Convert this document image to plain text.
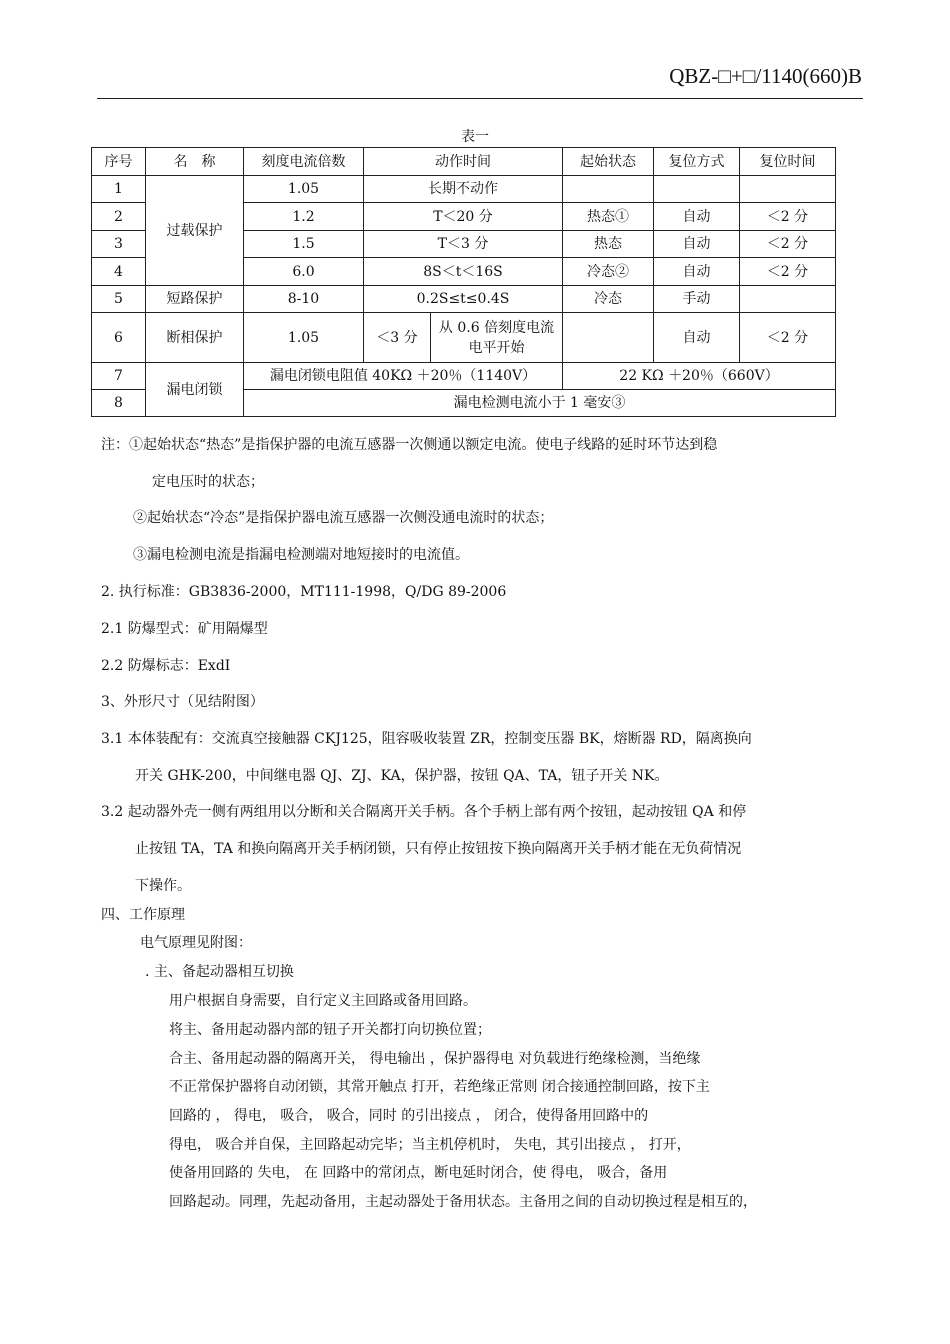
QBZ-□+□/1140(660)B
表一
序号	名　称	刻度电流倍数	动作时间		起始状态	复位方式	复位时间
1	过载保护	1.05	长期不动作				
2		1.2	T＜20 分		热态①	自动	＜2 分
3		1.5	T＜3 分		热态	自动	＜2 分
4		6.0	8S＜t＜16S		冷态②	自动	＜2 分
5	短路保护	8-10	0.2S≤t≤0.4S		冷态	手动	
6	断相保护	1.05	＜3 分	从 0.6 倍刻度电流电平开始		自动	＜2 分
7	漏电闭锁	漏电闭锁电阻值 40KΩ ＋20％（1140V）			22 KΩ ＋20％（660V）		
8		漏电检测电流小于 1 毫安③					
注：①起始状态“热态”是指保护器的电流互感器一次侧通以额定电流。使电子线路的延时环节达到稳
定电压时的状态；
②起始状态“冷态”是指保护器电流互感器一次侧没通电流时的状态；
③漏电检测电流是指漏电检测端对地短接时的电流值。
2. 执行标准：GB3836-2000，MT111-1998，Q/DG 89-2006
2.1 防爆型式：矿用隔爆型
2.2 防爆标志：ExdI
3、外形尺寸（见结附图）
3.1 本体装配有：交流真空接触器 CKJ125，阻容吸收装置 ZR，控制变压器 BK，熔断器 RD，隔离换向
开关 GHK-200，中间继电器 QJ、ZJ、KA，保护器，按钮 QA、TA，钮子开关 NK。
3.2 起动器外壳一侧有两组用以分断和关合隔离开关手柄。各个手柄上部有两个按钮，起动按钮 QA 和停
止按钮 TA，TA 和换向隔离开关手柄闭锁，只有停止按钮按下换向隔离开关手柄才能在无负荷情况
下操作。
四、工作原理
电气原理见附图：
. 主、备起动器相互切换
用户根据自身需要，自行定义主回路或备用回路。
将主、备用起动器内部的钮子开关都打向切换位置；
合主、备用起动器的隔离开关， 得电输出 ，保护器得电 对负载进行绝缘检测，当绝缘
不正常保护器将自动闭锁，其常开触点 打开，若绝缘正常则 闭合接通控制回路，按下主
回路的 ， 得电， 吸合， 吸合，同时 的引出接点 ， 闭合，使得备用回路中的
得电， 吸合并自保，主回路起动完毕；当主机停机时， 失电，其引出接点 ， 打开，
使备用回路的 失电， 在 回路中的常闭点，断电延时闭合，使 得电， 吸合，备用
回路起动。同理，先起动备用，主起动器处于备用状态。主备用之间的自动切换过程是相互的，
